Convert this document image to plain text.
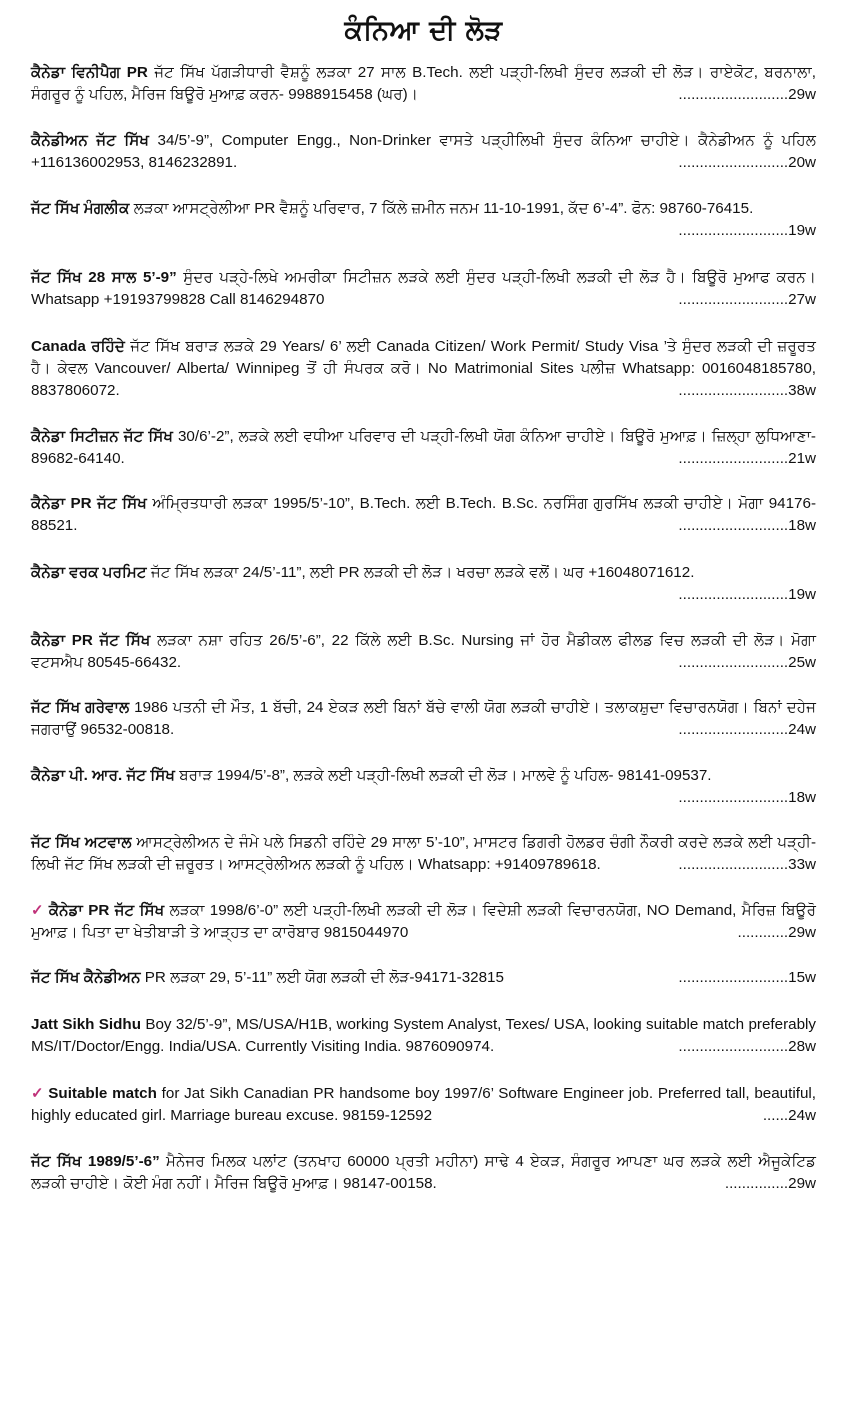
ਕੰਨਿਆ ਦੀ ਲੋੜ
ਕੈਨੇਡਾ ਵਿਨੀਪੈਗ PR ਜੱਟ ਸਿੱਖ ਪੱਗੜੀਧਾਰੀ ਵੈਸ਼ਨੂੰ ਲੜਕਾ 27 ਸਾਲ B.Tech. ਲਈ ਪੜ੍ਹੀ-ਲਿਖੀ ਸੁੰਦਰ ਲੜਕੀ ਦੀ ਲੋੜ। ਰਾਏਕੋਟ, ਬਰਨਾਲਾ, ਸੰਗਰੂਰ ਨੂੰ ਪਹਿਲ, ਮੈਰਿਜ ਬਿਊਰੋ ਮੁਆਫ਼ ਕਰਨ- 9988915458 (ਘਰ)।	..........................29w
ਕੈਨੇਡੀਅਨ ਜੱਟ ਸਿੱਖ 34/5’-9”, Computer Engg., Non-Drinker ਵਾਸਤੇ ਪੜ੍ਹੀਲਿਖੀ ਸੁੰਦਰ ਕੰਨਿਆ ਚਾਹੀਏ। ਕੈਨੇਡੀਅਨ ਨੂੰ ਪਹਿਲ +116136002953, 8146232891.	..........................20w
ਜੱਟ ਸਿੱਖ ਮੰਗਲੀਕ ਲੜਕਾ ਆਸਟ੍ਰੇਲੀਆ PR ਵੈਸ਼ਨੂੰ ਪਰਿਵਾਰ, 7 ਕਿੱਲੇ ਜ਼ਮੀਨ ਜਨਮ 11-10-1991, ਕੱਦ 6’-4”. ਫੋਨ: 98760-76415.
..........................19w
ਜੱਟ ਸਿੱਖ 28 ਸਾਲ 5’-9” ਸੁੰਦਰ ਪੜ੍ਹੇ-ਲਿਖੇ ਅਮਰੀਕਾ ਸਿਟੀਜ਼ਨ ਲੜਕੇ ਲਈ ਸੁੰਦਰ ਪੜ੍ਹੀ-ਲਿਖੀ ਲੜਕੀ ਦੀ ਲੋੜ ਹੈ। ਬਿਊਰੋ ਮੁਆਫ ਕਰਨ। Whatsapp +19193799828 Call 8146294870	..........................27w
Canada ਰਹਿੰਦੇ ਜੱਟ ਸਿੱਖ ਬਰਾੜ ਲੜਕੇ 29 Years/ 6’ ਲਈ Canada Citizen/ Work Permit/ Study Visa ’ਤੇ ਸੁੰਦਰ ਲੜਕੀ ਦੀ ਜ਼ਰੂਰਤ ਹੈ। ਕੇਵਲ Vancouver/ Alberta/ Winnipeg ਤੋਂ ਹੀ ਸੰਪਰਕ ਕਰੋ। No Matrimonial Sites ਪਲੀਜ਼ Whatsapp: 0016048185780, 8837806072.	..........................38w
ਕੈਨੇਡਾ ਸਿਟੀਜ਼ਨ ਜੱਟ ਸਿੱਖ 30/6’-2”, ਲੜਕੇ ਲਈ ਵਧੀਆ ਪਰਿਵਾਰ ਦੀ ਪੜ੍ਹੀ-ਲਿਖੀ ਯੋਗ ਕੰਨਿਆ ਚਾਹੀਏ। ਬਿਊਰੋ ਮੁਆਫ਼। ਜ਼ਿਲ੍ਹਾ ਲੁਧਿਆਣਾ- 89682-64140.	..........................21w
ਕੈਨੇਡਾ PR ਜੱਟ ਸਿੱਖ ਅੰਮ੍ਰਿਤਧਾਰੀ ਲੜਕਾ 1995/5’-10”, B.Tech. ਲਈ B.Tech. B.Sc. ਨਰਸਿੰਗ ਗੁਰਸਿੱਖ ਲੜਕੀ ਚਾਹੀਏ। ਮੋਗਾ 94176-88521.	..........................18w
ਕੈਨੇਡਾ ਵਰਕ ਪਰਮਿਟ ਜੱਟ ਸਿੱਖ ਲੜਕਾ 24/5’-11”, ਲਈ PR ਲੜਕੀ ਦੀ ਲੋੜ। ਖਰਚਾ ਲੜਕੇ ਵਲੋਂ। ਘਰ +16048071612.
..........................19w
ਕੈਨੇਡਾ PR ਜੱਟ ਸਿੱਖ ਲੜਕਾ ਨਸ਼ਾ ਰਹਿਤ 26/5’-6”, 22 ਕਿੱਲੇ ਲਈ B.Sc. Nursing ਜਾਂ ਹੋਰ ਮੈਡੀਕਲ ਫੀਲਡ ਵਿਚ ਲੜਕੀ ਦੀ ਲੋੜ। ਮੋਗਾ ਵਟਸਐਪ 80545-66432.	..........................25w
ਜੱਟ ਸਿੱਖ ਗਰੇਵਾਲ 1986 ਪਤਨੀ ਦੀ ਮੌਤ, 1 ਬੱਚੀ, 24 ਏਕੜ ਲਈ ਬਿਨਾਂ ਬੱਚੇ ਵਾਲੀ ਯੋਗ ਲੜਕੀ ਚਾਹੀਏ। ਤਲਾਕਸ਼ੁਦਾ ਵਿਚਾਰਨਯੋਗ। ਬਿਨਾਂ ਦਹੇਜ ਜਗਰਾਉਂ 96532-00818.	..........................24w
ਕੈਨੇਡਾ ਪੀ. ਆਰ. ਜੱਟ ਸਿੱਖ ਬਰਾੜ 1994/5’-8”, ਲੜਕੇ ਲਈ ਪੜ੍ਹੀ-ਲਿਖੀ ਲੜਕੀ ਦੀ ਲੋੜ। ਮਾਲਵੇ ਨੂੰ ਪਹਿਲ- 98141-09537.
..........................18w
ਜੱਟ ਸਿੱਖ ਅਟਵਾਲ ਆਸਟ੍ਰੇਲੀਅਨ ਦੇ ਜੰਮੇ ਪਲੇ ਸਿਡਨੀ ਰਹਿੰਦੇ 29 ਸਾਲਾ 5’-10”, ਮਾਸਟਰ ਡਿਗਰੀ ਹੋਲਡਰ ਚੰਗੀ ਨੌਕਰੀ ਕਰਦੇ ਲੜਕੇ ਲਈ ਪੜ੍ਹੀ-ਲਿਖੀ ਜੱਟ ਸਿੱਖ ਲੜਕੀ ਦੀ ਜ਼ਰੂਰਤ। ਆਸਟ੍ਰੇਲੀਅਨ ਲੜਕੀ ਨੂੰ ਪਹਿਲ। Whatsapp: +91409789618.	..........................33w
✓ ਕੈਨੇਡਾ PR ਜੱਟ ਸਿੱਖ ਲੜਕਾ 1998/6’-0” ਲਈ ਪੜ੍ਹੀ-ਲਿਖੀ ਲੜਕੀ ਦੀ ਲੋੜ। ਵਿਦੇਸ਼ੀ ਲੜਕੀ ਵਿਚਾਰਨਯੋਗ, NO Demand, ਮੈਰਿਜ਼ ਬਿਊਰੋ ਮੁਆਫ਼। ਪਿਤਾ ਦਾ ਖੇਤੀਬਾੜੀ ਤੇ ਆੜ੍ਹਤ ਦਾ ਕਾਰੋਬਾਰ 9815044970	............29w
ਜੱਟ ਸਿੱਖ ਕੈਨੇਡੀਅਨ PR ਲੜਕਾ 29, 5’-11” ਲਈ ਯੋਗ ਲੜਕੀ ਦੀ ਲੋੜ-94171-32815	..........................15w
Jatt Sikh Sidhu Boy 32/5’-9”, MS/USA/H1B, working System Analyst, Texes/ USA, looking suitable match preferably MS/IT/Doctor/Engg. India/USA. Currently Visiting India. 9876090974.	..........................28w
✓ Suitable match for Jat Sikh Canadian PR handsome boy 1997/6’ Software Engineer job. Preferred tall, beautiful, highly educated girl. Marriage bureau excuse. 98159-12592	......24w
ਜੱਟ ਸਿੱਖ 1989/5’-6” ਮੈਨੇਜਰ ਮਿਲਕ ਪਲਾਂਟ (ਤਨਖਾਹ 60000 ਪ੍ਰਤੀ ਮਹੀਨਾ) ਸਾਢੇ 4 ਏਕੜ, ਸੰਗਰੂਰ ਆਪਣਾ ਘਰ ਲੜਕੇ ਲਈ ਐਜੂਕੇਟਿਡ ਲੜਕੀ ਚਾਹੀਏ। ਕੋਈ ਮੰਗ ਨਹੀਂ। ਮੈਰਿਜ ਬਿਊਰੋ ਮੁਆਫ਼। 98147-00158.	...............29w
